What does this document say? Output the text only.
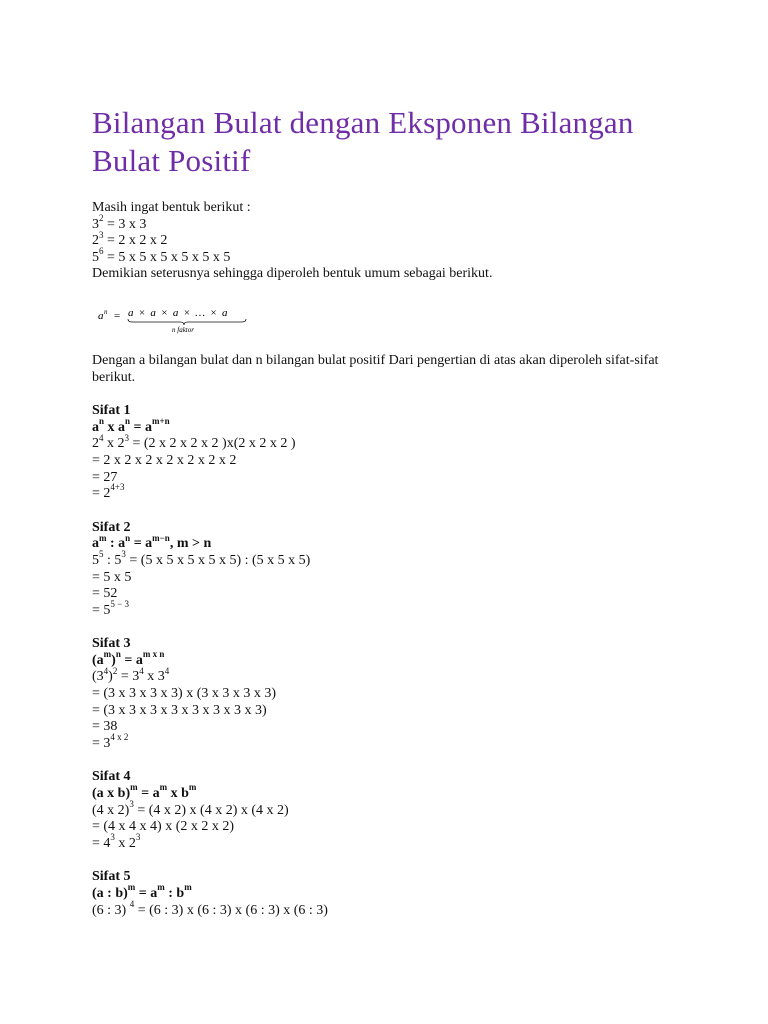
Bilangan Bulat dengan Eksponen Bilangan Bulat Positif
Masih ingat bentuk berikut :
$3^2 = 3$ x 3
$2^3 = 2$ x 2 x 2
$5^6 = 5$ x 5 x 5 x 5 x 5 x 5
Demikian seterusnya sehingga diperoleh bentuk umum sebagai berikut.
a n = a × a × a × … × a
n faktor
Dengan a bilangan bulat dan n bilangan bulat positif Dari pengertian di atas akan diperoleh sifat-sifat berikut.
Sifat 1
$a^n$ x $a^n = a^{m+n}$
$2^4$ x $2^3 = (2$ x 2 x 2 x 2 )x(2 x 2 x 2 )
= 2 x 2 x 2 x 2 x 2 x 2 x 2
= 27
= $2^{4+3}$
Sifat 2
$a^m$ : $a^n = a^{m-n}$, m > n
$5^5$ : $5^3 = (5$ x 5 x 5 x 5 x 5) : (5 x 5 x 5)
= 5 x 5
= 52
= $5^{5 - 3}$
Sifat 3
$(a^m)^n = a^{m x n}$
$(3^4)^2 = 3^4$ x $3^4$
= (3 x 3 x 3 x 3) x (3 x 3 x 3 x 3)
= (3 x 3 x 3 x 3 x 3 x 3 x 3 x 3)
= 38
= $3^{4 x 2}$
Sifat 4
(a x $b)^m = a^m$ x $b^m$
(4 x 2)$^3$ = (4 x 2) x (4 x 2) x (4 x 2)
= (4 x 4 x 4) x (2 x 2 x 2)
= $4^3$ x $2^3$
Sifat 5
(a : $b)^m = a^m$ : $b^m$
(6 : 3) $^4$ = (6 : 3) x (6 : 3) x (6 : 3) x (6 : 3)
